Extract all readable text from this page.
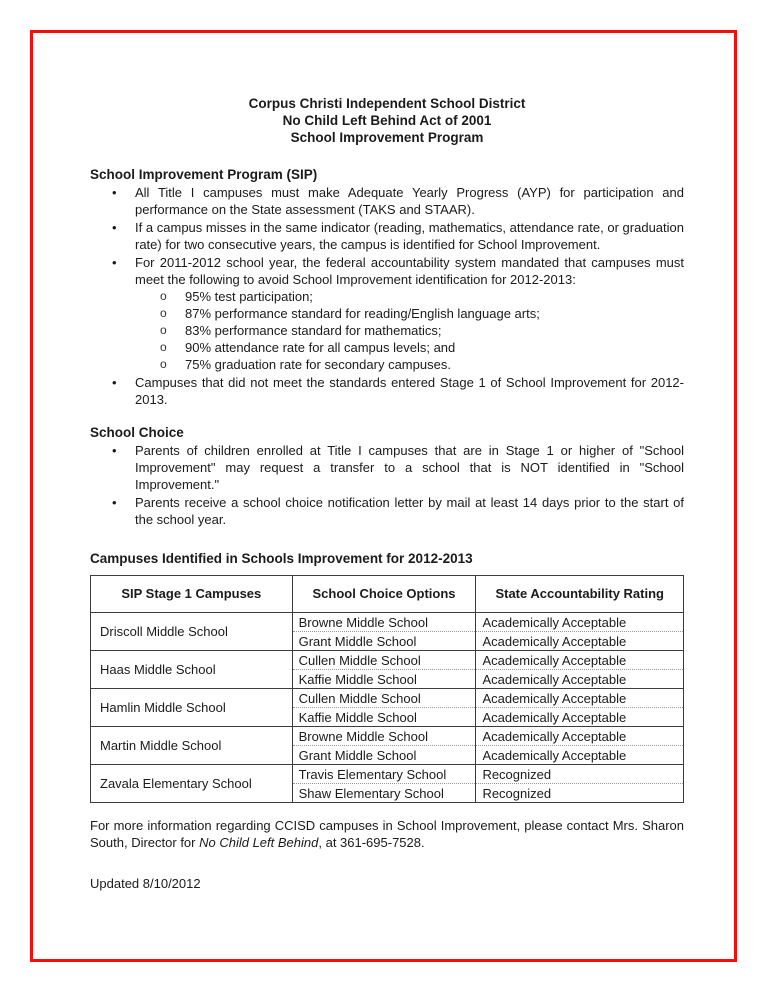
Corpus Christi Independent School District
No Child Left Behind Act of 2001
School Improvement Program
School Improvement Program (SIP)
•	All Title I campuses must make Adequate Yearly Progress (AYP) for participation and performance on the State assessment (TAKS and STAAR).
•	If a campus misses in the same indicator (reading, mathematics, attendance rate, or graduation rate) for two consecutive years, the campus is identified for School Improvement.
•	For 2011-2012 school year, the federal accountability system mandated that campuses must meet the following to avoid School Improvement identification for 2012-2013:
o	95% test participation;
o	87% performance standard for reading/English language arts;
o	83% performance standard for mathematics;
o	90% attendance rate for all campus levels; and
o	75% graduation rate for secondary campuses.
•	Campuses that did not meet the standards entered Stage 1 of School Improvement for 2012-2013.
School Choice
•	Parents of children enrolled at Title I campuses that are in Stage 1 or higher of "School Improvement" may request a transfer to a school that is NOT identified in "School Improvement."
•	Parents receive a school choice notification letter by mail at least 14 days prior to the start of the school year.
Campuses Identified in Schools Improvement for 2012-2013
SIP Stage 1 Campuses	School Choice Options	State Accountability Rating
Driscoll Middle School	Browne Middle School	Academically Acceptable
	Grant Middle School	Academically Acceptable
Haas Middle School	Cullen Middle School	Academically Acceptable
	Kaffie Middle School	Academically Acceptable
Hamlin Middle School	Cullen Middle School	Academically Acceptable
	Kaffie Middle School	Academically Acceptable
Martin Middle School	Browne Middle School	Academically Acceptable
	Grant Middle School	Academically Acceptable
Zavala Elementary School	Travis Elementary School	Recognized
	Shaw Elementary School	Recognized

For more information regarding CCISD campuses in School Improvement, please contact Mrs. Sharon South, Director for No Child Left Behind, at 361-695-7528.

Updated 8/10/2012
